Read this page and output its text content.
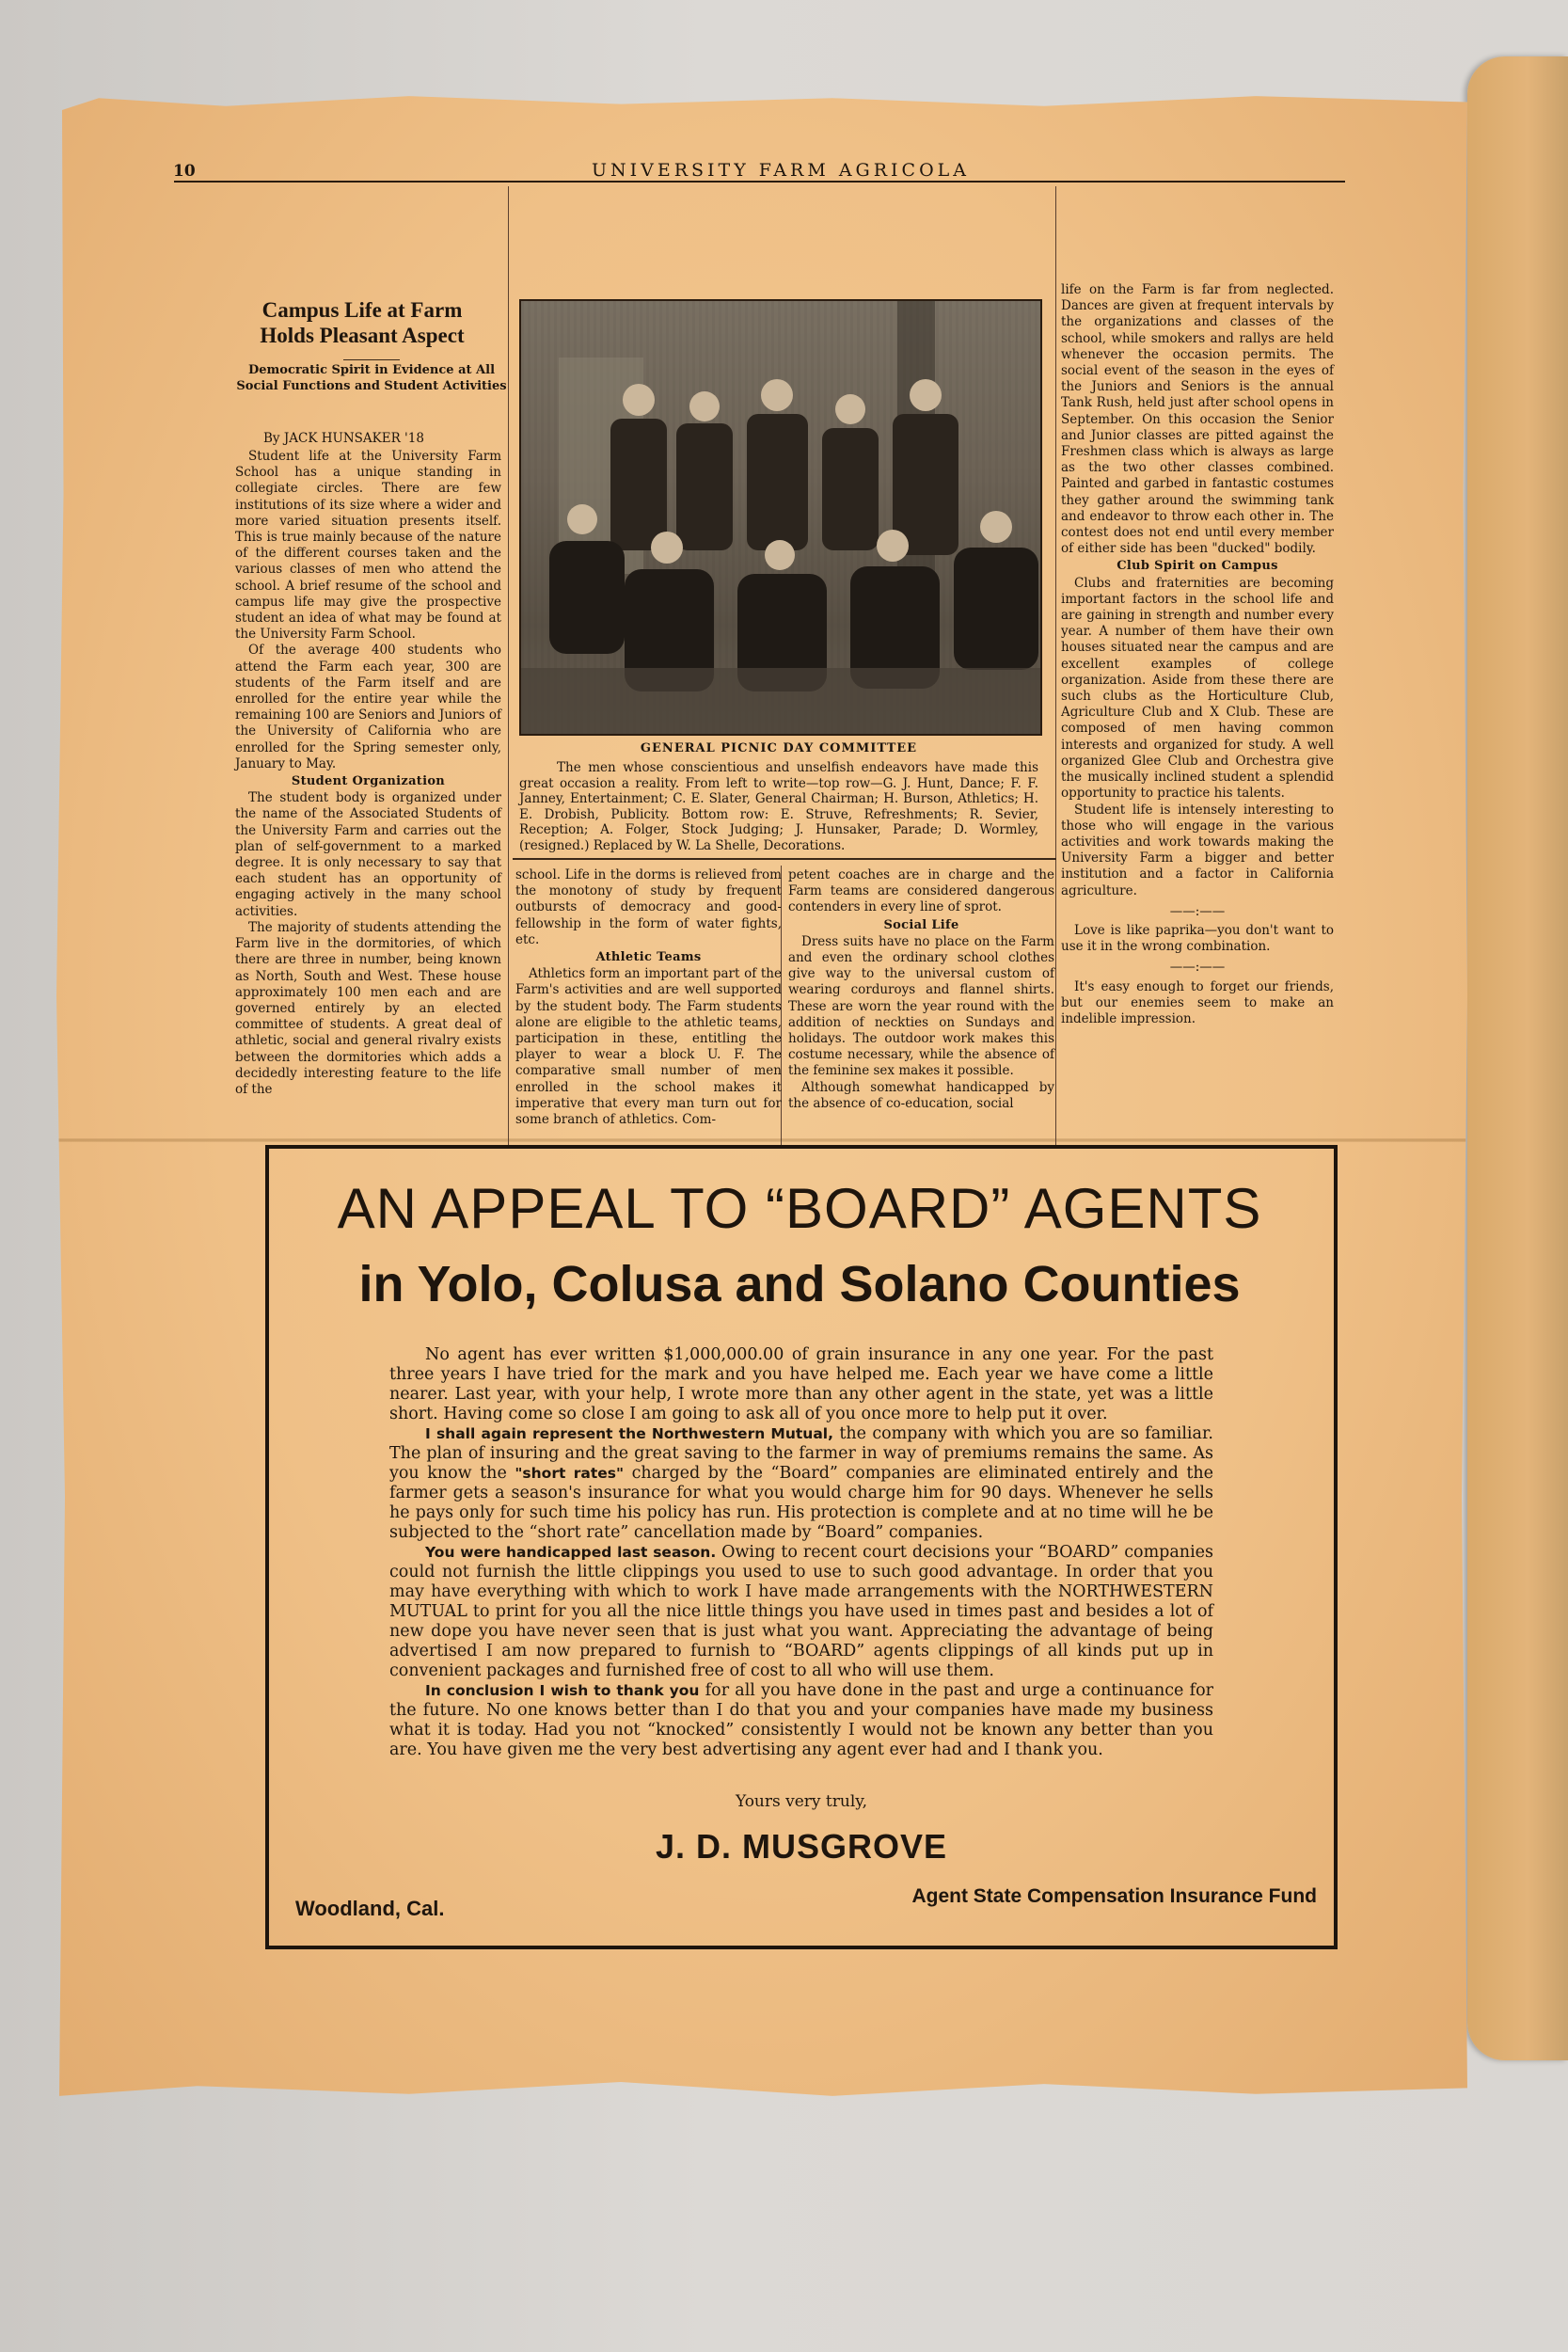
10	UNIVERSITY FARM AGRICOLA
Campus Life at Farm
Holds Pleasant Aspect
Democratic Spirit in Evidence at All Social Functions and Student Activities
By JACK HUNSAKER '18

Student life at the University Farm School has a unique standing in collegiate circles. There are few institutions of its size where a wider and more varied situation presents itself. This is true mainly because of the nature of the different courses taken and the various classes of men who attend the school. A brief resume of the school and campus life may give the prospective student an idea of what may be found at the University Farm School.

Of the average 400 students who attend the Farm each year, 300 are students of the Farm itself and are enrolled for the entire year while the remaining 100 are Seniors and Juniors of the University of California who are enrolled for the Spring semester only, January to May.

Student Organization

The student body is organized under the name of the Associated Students of the University Farm and carries out the plan of self-government to a marked degree. It is only necessary to say that each student has an opportunity of engaging actively in the many school activities.

The majority of students attending the Farm live in the dormitories, of which there are three in number, being known as North, South and West. These house approximately 100 men each and are governed entirely by an elected committee of students. A great deal of athletic, social and general rivalry exists between the dormitories which adds a decidedly interesting feature to the life of the

GENERAL PICNIC DAY COMMITTEE
The men whose conscientious and unselfish endeavors have made this great occasion a reality. From left to write—top row—G. J. Hunt, Dance; F. F. Janney, Entertainment; C. E. Slater, General Chairman; H. Burson, Athletics; H. E. Drobish, Publicity. Bottom row: E. Struve, Refreshments; R. Sevier, Reception; A. Folger, Stock Judging; J. Hunsaker, Parade; D. Wormley, (resigned.) Replaced by W. La Shelle, Decorations.

school. Life in the dorms is relieved from the monotony of study by frequent outbursts of democracy and good-fellowship in the form of water fights, etc.

Athletic Teams

Athletics form an important part of the Farm's activities and are well supported by the student body. The Farm students alone are eligible to the athletic teams, participation in these, entitling the player to wear a block U. F. The comparative small number of men enrolled in the school makes it imperative that every man turn out for some branch of athletics. Com-

petent coaches are in charge and the Farm teams are considered dangerous contenders in every line of sprot.

Social Life

Dress suits have no place on the Farm and even the ordinary school clothes give way to the universal custom of wearing corduroys and flannel shirts. These are worn the year round with the addition of neckties on Sundays and holidays. The outdoor work makes this costume necessary, while the absence of the feminine sex makes it possible.

Although somewhat handicapped by the absence of co-education, social

life on the Farm is far from neglected. Dances are given at frequent intervals by the organizations and classes of the school, while smokers and rallys are held whenever the occasion permits. The social event of the season in the eyes of the Juniors and Seniors is the annual Tank Rush, held just after school opens in September. On this occasion the Senior and Junior classes are pitted against the Freshmen class which is always as large as the two other classes combined. Painted and garbed in fantastic costumes they gather around the swimming tank and endeavor to throw each other in. The contest does not end until every member of either side has been "ducked" bodily.

Club Spirit on Campus

Clubs and fraternities are becoming important factors in the school life and are gaining in strength and number every year. A number of them have their own houses situated near the campus and are excellent examples of college organization. Aside from these there are such clubs as the Horticulture Club, Agriculture Club and X Club. These are composed of men having common interests and organized for study. A well organized Glee Club and Orchestra give the musically inclined student a splendid opportunity to practice his talents.

Student life is intensely interesting to those who will engage in the various activities and work towards making the University Farm a bigger and better institution and a factor in California agriculture.

——:——

Love is like paprika—you don't want to use it in the wrong combination.

——:——

It's easy enough to forget our friends, but our enemies seem to make an indelible impression.

AN APPEAL TO “BOARD” AGENTS
in Yolo, Colusa and Solano Counties

No agent has ever written $1,000,000.00 of grain insurance in any one year. For the past three years I have tried for the mark and you have helped me. Each year we have come a little nearer. Last year, with your help, I wrote more than any other agent in the state, yet was a little short. Having come so close I am going to ask all of you once more to help put it over.

I shall again represent the Northwestern Mutual, the company with which you are so familiar. The plan of insuring and the great saving to the farmer in way of premiums remains the same. As you know the "short rates" charged by the “Board” companies are eliminated entirely and the farmer gets a season's insurance for what you would charge him for 90 days. Whenever he sells he pays only for such time his policy has run. His protection is complete and at no time will he be subjected to the “short rate” cancellation made by “Board” companies.

You were handicapped last season. Owing to recent court decisions your “BOARD” companies could not furnish the little clippings you used to use to such good advantage. In order that you may have everything with which to work I have made arrangements with the NORTHWESTERN MUTUAL to print for you all the nice little things you have used in times past and besides a lot of new dope you have never seen that is just what you want. Appreciating the advantage of being advertised I am now prepared to furnish to “BOARD” agents clippings of all kinds put up in convenient packages and furnished free of cost to all who will use them.

In conclusion I wish to thank you for all you have done in the past and urge a continuance for the future. No one knows better than I do that you and your companies have made my business what it is today. Had you not “knocked” consistently I would not be known any better than you are. You have given me the very best advertising any agent ever had and I thank you.

Yours very truly,
J. D. MUSGROVE
Woodland, Cal.
Agent State Compensation Insurance Fund
